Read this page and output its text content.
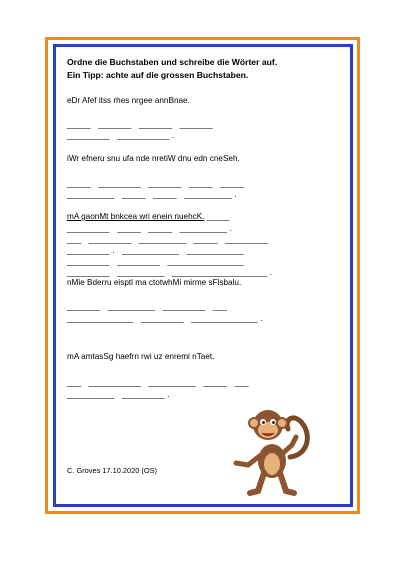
Ordne die Buchstaben und schreibe die Wörter auf.
Ein Tipp: achte auf die grossen Buchstaben.
eDr Afef itss rhes nrgee annBnae.
_____   _______   _______   _______
_________   ___________ .
iWr efneru snu ufa nde nretiW dnu edn cneSeh.
_____   _________   _______   _____   _____
__________   _____   _____   __________ .
mA gaonMt bnkcea wri enein nuehcK. _____
_________   _____   _____   __________ .
___   _________   __________   _____   _________
_________ .   ____________   ____________
_________   _________   ________________
_________   __________   ____________________ .
nMie Bderru eisptl ma ctotwhMi mirme sFlsbalu.
_______   __________   _________   ___
______________   _________   ______________ .
mA amtasSg haefrn rwi uz enremi nTaet.
___   ___________   __________   _____   ___
__________   _________ .
C. Groves 17.10.2020 (OS)
